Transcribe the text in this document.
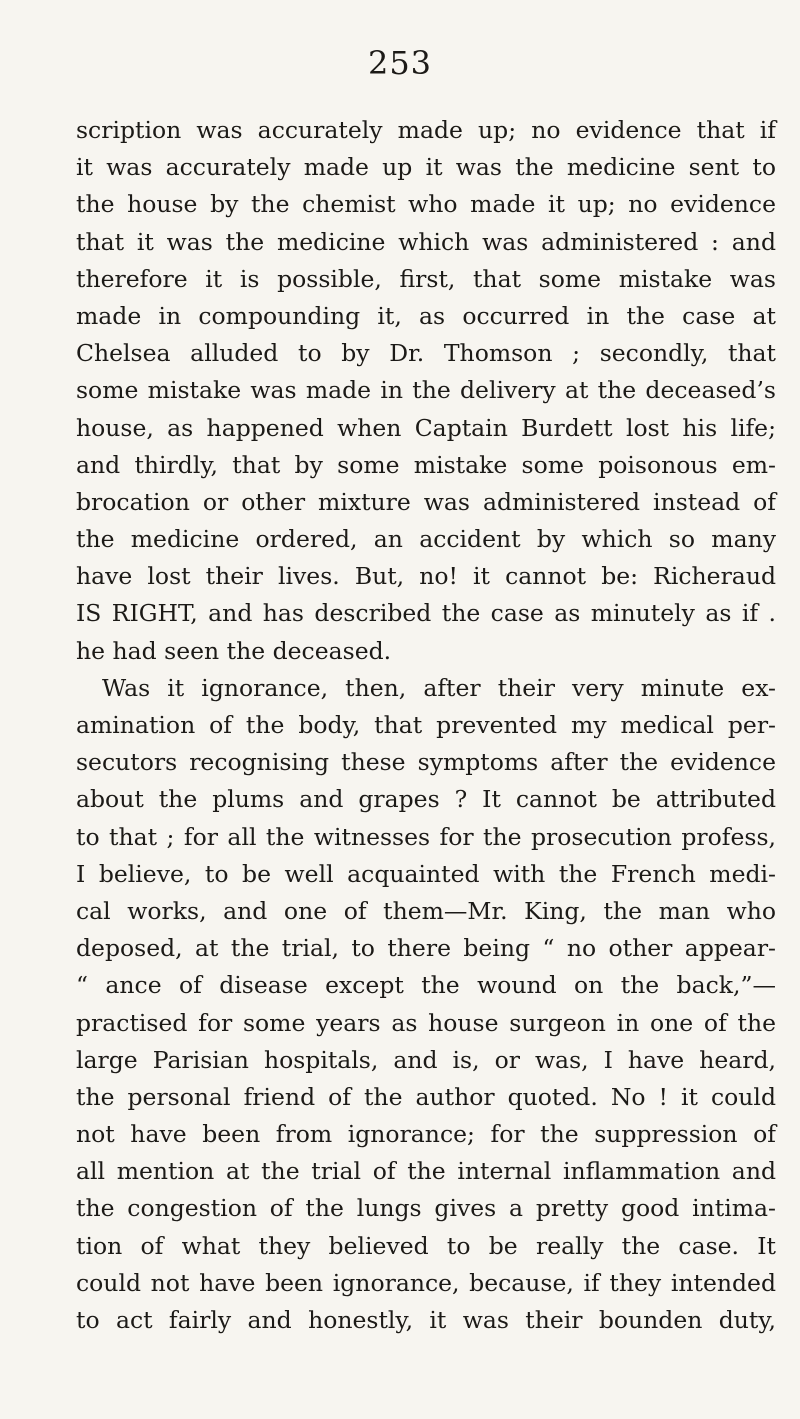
253
scription was accurately made up; no evidence that if
it was accurately made up it was the medicine sent to
the house by the chemist who made it up; no evidence
that it was the medicine which was administered : and
therefore it is possible, first, that some mistake was
made in compounding it, as occurred in the case at
Chelsea alluded to by Dr. Thomson ; secondly, that
some mistake was made in the delivery at the deceased’s
house, as happened when Captain Burdett lost his life;
and thirdly, that by some mistake some poisonous em-
brocation or other mixture was administered instead of
the medicine ordered, an accident by which so many
have lost their lives. But, no! it cannot be: Richeraud
IS RIGHT, and has described the case as minutely as if .
he had seen the deceased.
Was it ignorance, then, after their very minute ex-
amination of the body, that prevented my medical per-
secutors recognising these symptoms after the evidence
about the plums and grapes ? It cannot be attributed
to that ; for all the witnesses for the prosecution profess,
I believe, to be well acquainted with the French medi-
cal works, and one of them—Mr. King, the man who
deposed, at the trial, to there being “ no other appear-
“ ance of disease except the wound on the back,”—
practised for some years as house surgeon in one of the
large Parisian hospitals, and is, or was, I have heard,
the personal friend of the author quoted. No ! it could
not have been from ignorance; for the suppression of
all mention at the trial of the internal inflammation and
the congestion of the lungs gives a pretty good intima-
tion of what they believed to be really the case. It
could not have been ignorance, because, if they intended
to act fairly and honestly, it was their bounden duty,
